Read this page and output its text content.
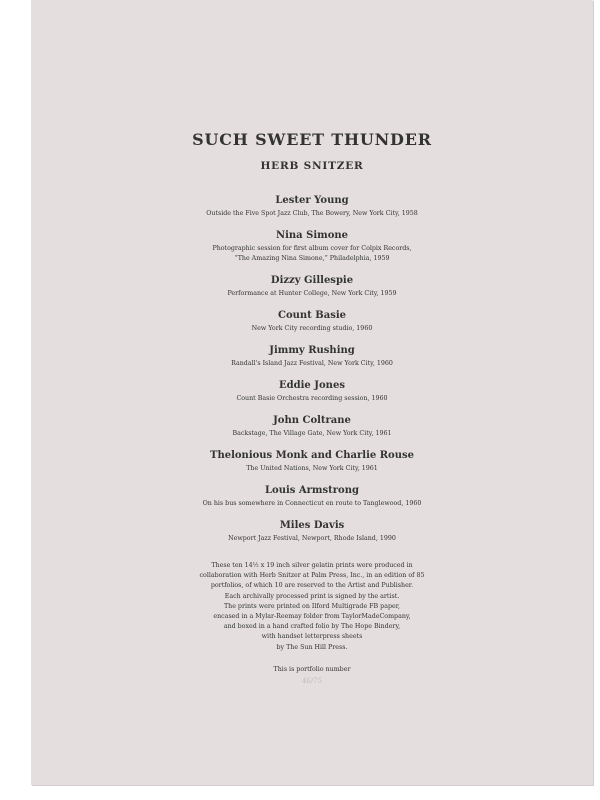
SUCH SWEET THUNDER
HERB SNITZER
Lester Young
Outside the Five Spot Jazz Club, The Bowery, New York City, 1958
Nina Simone
Photographic session for first album cover for Colpix Records,
“The Amazing Nina Simone,” Philadelphia, 1959
Dizzy Gillespie
Performance at Hunter College, New York City, 1959
Count Basie
New York City recording studio, 1960
Jimmy Rushing
Randall's Island Jazz Festival, New York City, 1960
Eddie Jones
Count Basie Orchestra recording session, 1960
John Coltrane
Backstage, The Village Gate, New York City, 1961
Thelonious Monk and Charlie Rouse
The United Nations, New York City, 1961
Louis Armstrong
On his bus somewhere in Connecticut en route to Tanglewood, 1960
Miles Davis
Newport Jazz Festival, Newport, Rhode Island, 1990
These ten 14½ x 19 inch silver gelatin prints were produced in
collaboration with Herb Snitzer at Palm Press, Inc., in an edition of 85
portfolios, of which 10 are reserved to the Artist and Publisher.
Each archivally processed print is signed by the artist.
The prints were printed on Ilford Multigrade FB paper,
encased in a Mylar-Reemay folder from TaylorMadeCompany,
and boxed in a hand crafted folio by The Hope Bindery,
with handset letterpress sheets
by The Sun Hill Press.
This is portfolio number
46/75
